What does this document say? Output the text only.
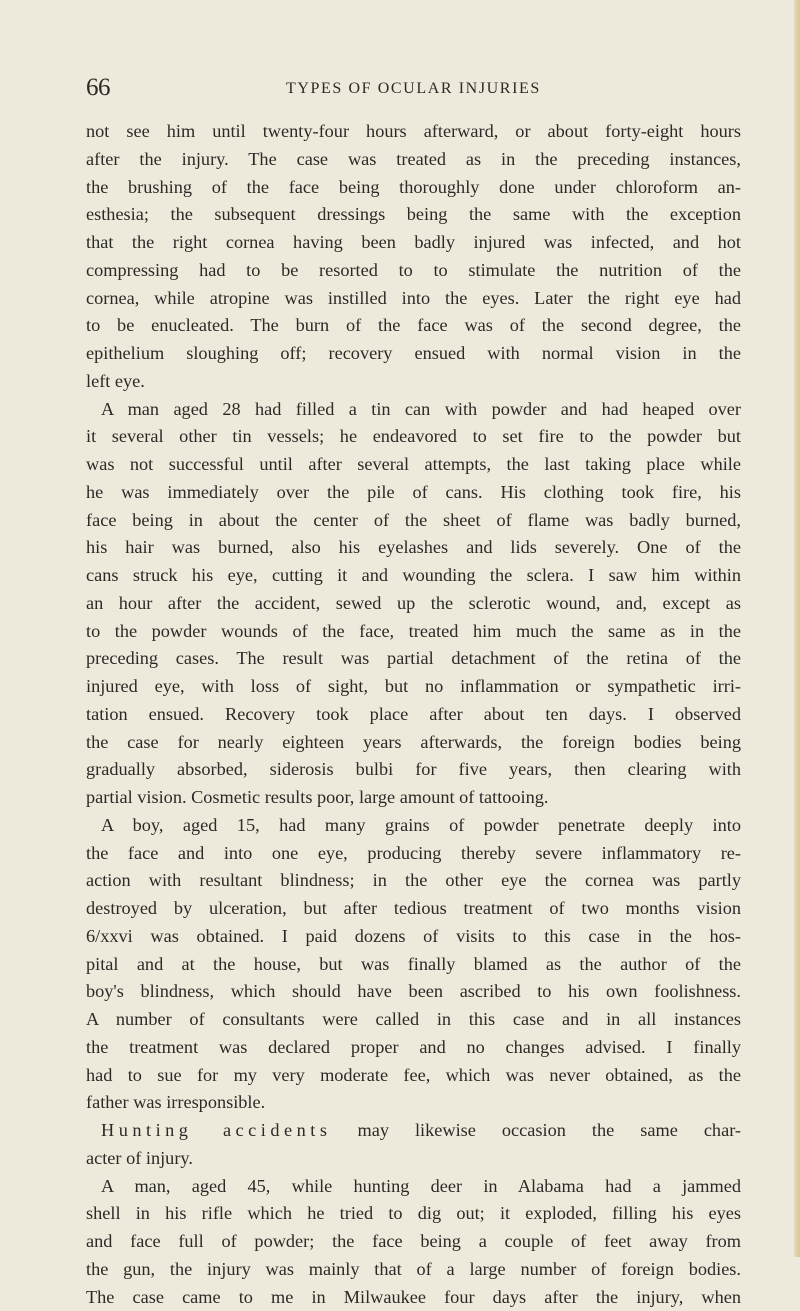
66	TYPES OF OCULAR INJURIES
not see him until twenty-four hours afterward, or about forty-eight hours
after the injury. The case was treated as in the preceding instances,
the brushing of the face being thoroughly done under chloroform an-
esthesia; the subsequent dressings being the same with the exception
that the right cornea having been badly injured was infected, and hot
compressing had to be resorted to to stimulate the nutrition of the
cornea, while atropine was instilled into the eyes. Later the right eye had
to be enucleated. The burn of the face was of the second degree, the
epithelium sloughing off; recovery ensued with normal vision in the
left eye.
A man aged 28 had filled a tin can with powder and had heaped over
it several other tin vessels; he endeavored to set fire to the powder but
was not successful until after several attempts, the last taking place while
he was immediately over the pile of cans. His clothing took fire, his
face being in about the center of the sheet of flame was badly burned,
his hair was burned, also his eyelashes and lids severely. One of the
cans struck his eye, cutting it and wounding the sclera. I saw him within
an hour after the accident, sewed up the sclerotic wound, and, except as
to the powder wounds of the face, treated him much the same as in the
preceding cases. The result was partial detachment of the retina of the
injured eye, with loss of sight, but no inflammation or sympathetic irri-
tation ensued. Recovery took place after about ten days. I observed
the case for nearly eighteen years afterwards, the foreign bodies being
gradually absorbed, siderosis bulbi for five years, then clearing with
partial vision. Cosmetic results poor, large amount of tattooing.
A boy, aged 15, had many grains of powder penetrate deeply into
the face and into one eye, producing thereby severe inflammatory re-
action with resultant blindness; in the other eye the cornea was partly
destroyed by ulceration, but after tedious treatment of two months vision
6/xxvi was obtained. I paid dozens of visits to this case in the hos-
pital and at the house, but was finally blamed as the author of the
boy's blindness, which should have been ascribed to his own foolishness.
A number of consultants were called in this case and in all instances
the treatment was declared proper and no changes advised. I finally
had to sue for my very moderate fee, which was never obtained, as the
father was irresponsible.
Hunting accidents may likewise occasion the same char-
acter of injury.
A man, aged 45, while hunting deer in Alabama had a jammed
shell in his rifle which he tried to dig out; it exploded, filling his eyes
and face full of powder; the face being a couple of feet away from
the gun, the injury was mainly that of a large number of foreign bodies.
The case came to me in Milwaukee four days after the injury, when
